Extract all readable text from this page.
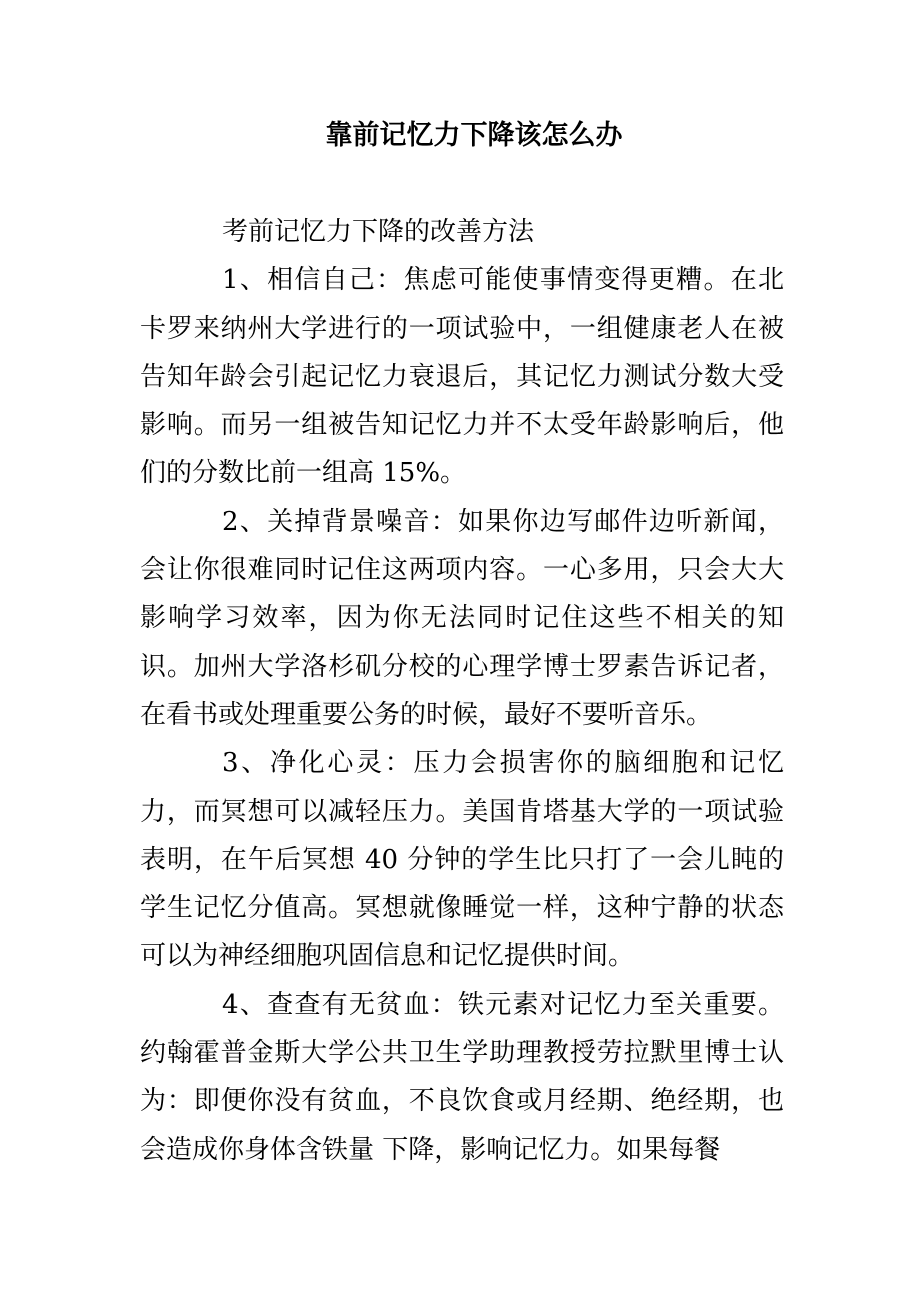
靠前记忆力下降该怎么办

考前记忆力下降的改善方法

1、相信自己：焦虑可能使事情变得更糟。在北卡罗来纳州大学进行的一项试验中，一组健康老人在被告知年龄会引起记忆力衰退后，其记忆力测试分数大受影响。而另一组被告知记忆力并不太受年龄影响后，他们的分数比前一组高 15%。

2、关掉背景噪音：如果你边写邮件边听新闻，会让你很难同时记住这两项内容。一心多用，只会大大影响学习效率，因为你无法同时记住这些不相关的知识。加州大学洛杉矶分校的心理学博士罗素告诉记者，在看书或处理重要公务的时候，最好不要听音乐。

3、净化心灵：压力会损害你的脑细胞和记忆力，而冥想可以减轻压力。美国肯塔基大学的一项试验表明，在午后冥想 40 分钟的学生比只打了一会儿盹的学生记忆分值高。冥想就像睡觉一样，这种宁静的状态可以为神经细胞巩固信息和记忆提供时间。

4、查查有无贫血：铁元素对记忆力至关重要。约翰霍普金斯大学公共卫生学助理教授劳拉默里博士认为：即便你没有贫血，不良饮食或月经期、绝经期，也会造成你身体含铁量 下降，影响记忆力。如果每餐
